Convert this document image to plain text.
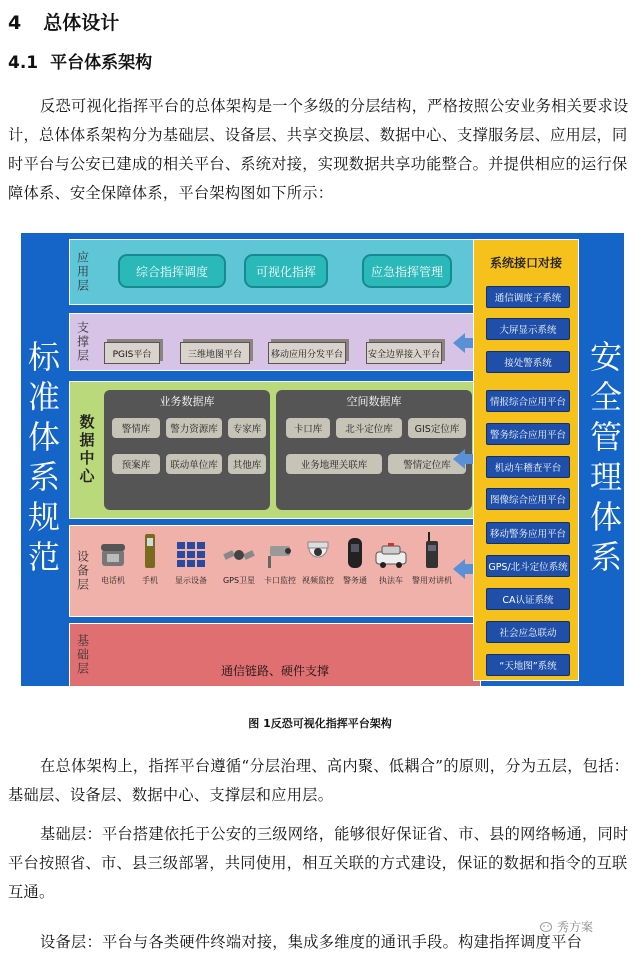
4 总体设计
4.1 平台体系架构
反恐可视化指挥平台的总体架构是一个多级的分层结构，严格按照公安业务相关要求设计，总体体系架构分为基础层、设备层、共享交换层、数据中心、支撑服务层、应用层，同时平台与公安已建成的相关平台、系统对接，实现数据共享功能整合。并提供相应的运行保障体系、安全保障体系，平台架构图如下所示：
标准体系规范	安全管理体系
应用层	综合指挥调度	可视化指挥	应急指挥管理
支撑层	PGIS平台	三维地图平台	移动应用分发平台	安全边界接入平台
数据中心
业务数据库
警情库	警力资源库	专家库
预案库	联动单位库	其他库
空间数据库
卡口库	北斗定位库	GIS定位库
业务地理关联库	警情定位库
设备层	电话机	手机	显示设备	GPS卫星	卡口监控 视频监控	警务通	执法车	警用对讲机
基础层	通信链路、硬件支撑
系统接口对接
通信调度子系统
大屏显示系统
接处警系统
情报综合应用平台
警务综合应用平台
机动车稽查平台
图像综合应用平台
移动警务应用平台
GPS/北斗定位系统
CA认证系统
社会应急联动
“天地图”系统
图 1反恐可视化指挥平台架构
在总体架构上，指挥平台遵循“分层治理、高内聚、低耦合”的原则，分为五层，包括：基础层、设备层、数据中心、支撑层和应用层。
基础层：平台搭建依托于公安的三级网络，能够很好保证省、市、县的网络畅通，同时平台按照省、市、县三级部署，共同使用，相互关联的方式建设，保证的数据和指令的互联互通。
设备层：平台与各类硬件终端对接，集成多维度的通讯手段。构建指挥调度平台
秀方案
